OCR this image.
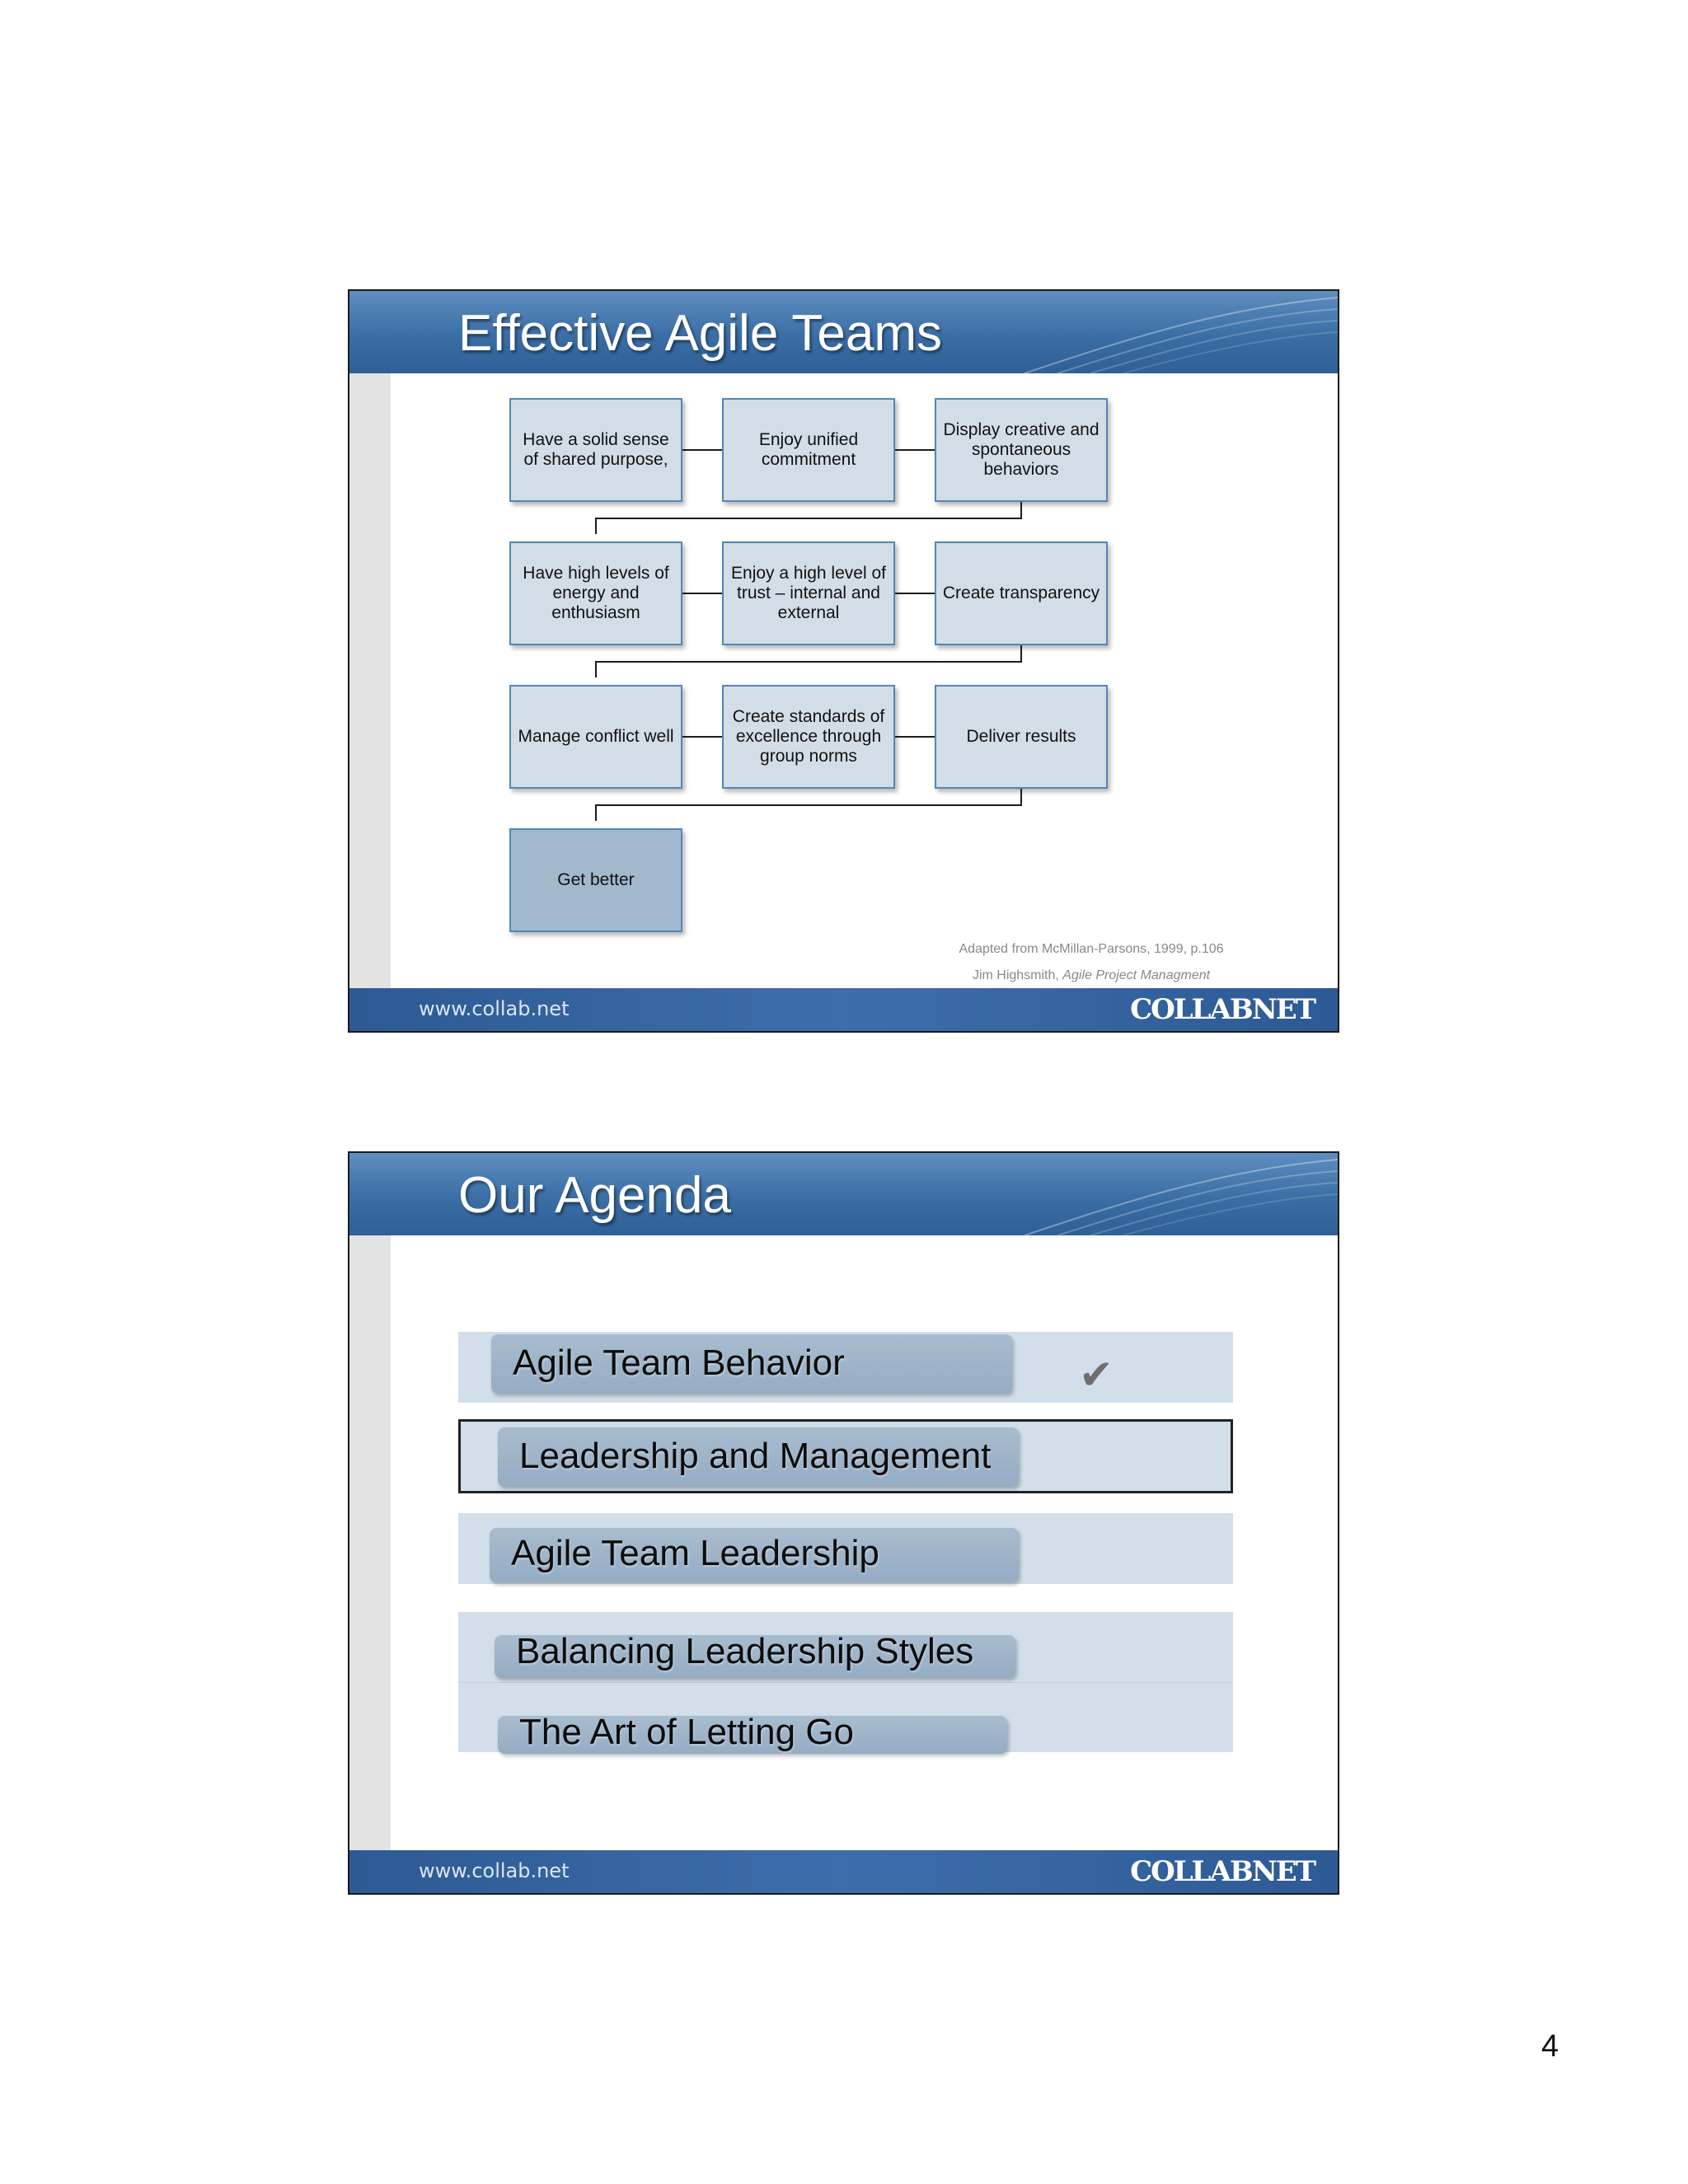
Effective Agile Teams
Have a solid sense of shared purpose,
Enjoy unified commitment
Display creative and spontaneous behaviors
Have high levels of energy and enthusiasm
Enjoy a high level of trust – internal and external
Create transparency
Manage conflict well
Create standards of excellence through group norms
Deliver results
Get better
Adapted from McMillan-Parsons, 1999, p.106
Jim Highsmith, Agile Project Managment
www.collab.net	COLLABNET
Our Agenda
Agile Team Behavior	✔
Leadership and Management
Agile Team Leadership
Balancing Leadership Styles
The Art of Letting Go
www.collab.net	COLLABNET
4
